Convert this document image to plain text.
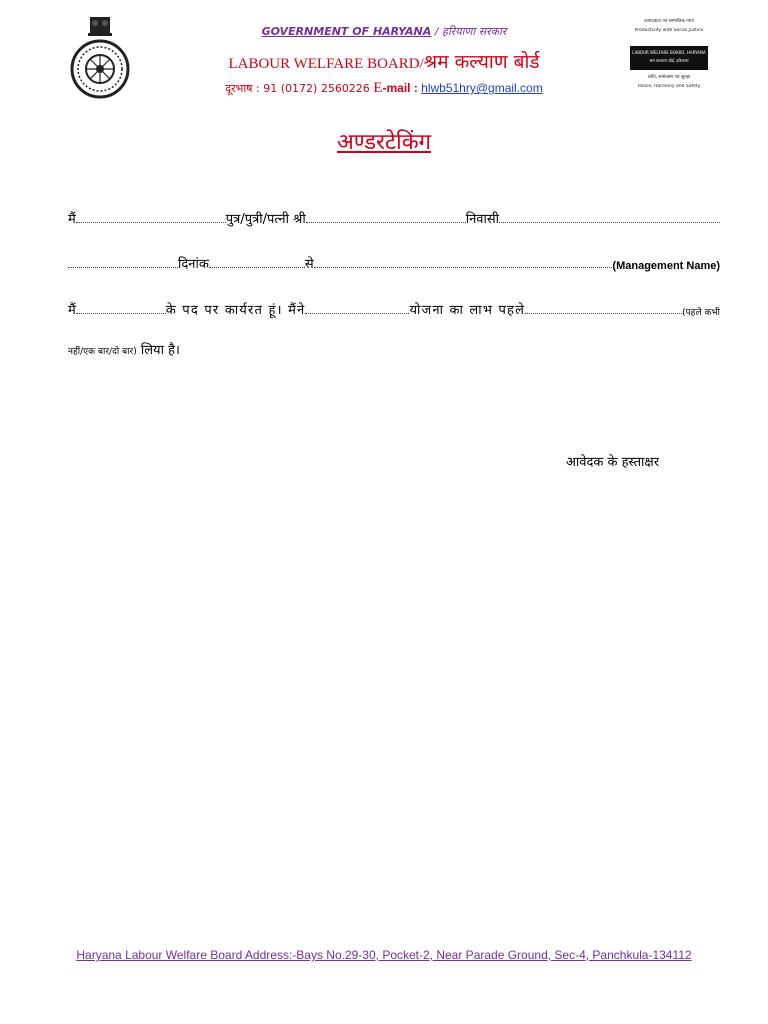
GOVERNMENT OF HARYANA / हरियाणा सरकार
LABOUR WELFARE BOARD/श्रम कल्याण बोर्ड
दूरभाष : 91 (0172) 2560226 E-mail : hlwb51hry@gmail.com
उत्पादकता एवं सामाजिक न्याय
Productivity with Social Justice
LABOUR WELFARE BOARD, HARYANA
श्रम कल्याण बोर्ड, हरियाणा
शांति, सामंजस्य एवं सुरक्षा
Peace, Harmony and Safety
अण्डरटेकिंग
मैं	पुत्र/पुत्री/पत्नी श्री	निवासी
दिनांक	से	(Management Name)
मैं	के पद पर कार्यरत हूं। मैंने	योजना का लाभ पहले	(पहले कभी
नहीं/एक बार/दो बार) लिया है।
आवेदक के हस्ताक्षर
Haryana Labour Welfare Board Address:-Bays No.29-30, Pocket-2, Near Parade Ground, Sec-4, Panchkula-134112
